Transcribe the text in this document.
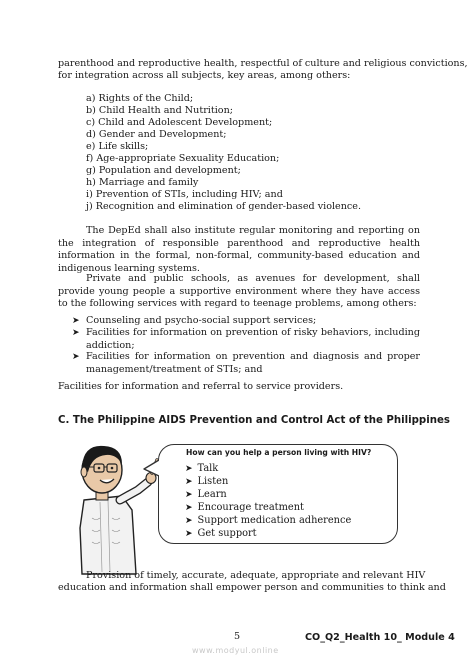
parenthood and reproductive health, respectful of culture and religious convictions,
for integration across all subjects, key areas, among others:
a) Rights of the Child;
b) Child Health and Nutrition;
c) Child and Adolescent Development;
d) Gender and Development;
e) Life skills;
f) Age-appropriate Sexuality Education;
g) Population and development;
h) Marriage and family
i) Prevention of STIs, including HIV; and
j) Recognition and elimination of gender-based violence.
The DepEd shall also institute regular monitoring and reporting on the integration of responsible parenthood and reproductive health information in the formal, non-formal, community-based education and indigenous learning systems.
Private and public schools, as avenues for development, shall provide young people a supportive environment where they have access to the following services with regard to teenage problems, among others:
➤ Counseling and psycho-social support services;
➤ Facilities for information on prevention of risky behaviors, including addiction;
➤ Facilities for information on prevention and diagnosis and proper management/treatment of STIs; and
Facilities for information and referral to service providers.
C. The Philippine AIDS Prevention and Control Act of the Philippines
How can you help a person living with HIV?
➤ Talk
➤ Listen
➤ Learn
➤ Encourage treatment
➤ Support medication adherence
➤ Get support
Provision of timely, accurate, adequate, appropriate and relevant HIV
education and information shall empower person and communities to think and
5	CO_Q2_Health 10_ Module 4
www.modyul.online
